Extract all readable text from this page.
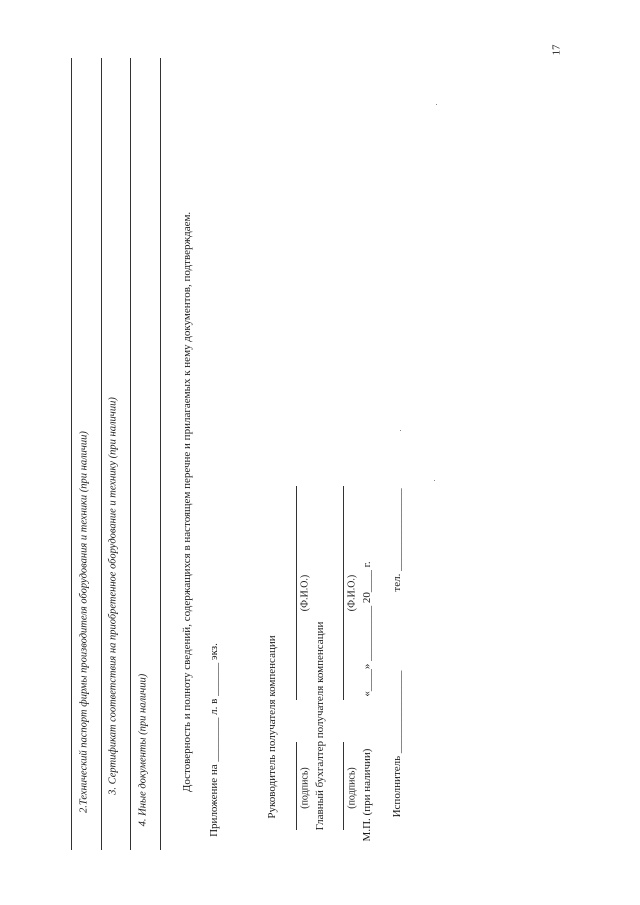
17
2.Технический паспорт фирмы производителя оборудования и техники (при наличии) 3. Сертификат соответствия на приобретенное оборудование и технику (при наличии) 4. Иные документы (при наличии)	Достоверность и полноту сведений, содержащихся в настоящем перечне и прилагаемых к нему документов, подтверждаем. Приложение на ________ л. в ______ экз.	Руководитель получателя компенсации (подпись)
(Ф.И.О.)
Главный бухгалтер получателя компенсации (подпись)
(Ф.И.О.)
М.П. (при наличии)
«____» __________ 20____ г.
Исполнитель _______________
тел. _______________
